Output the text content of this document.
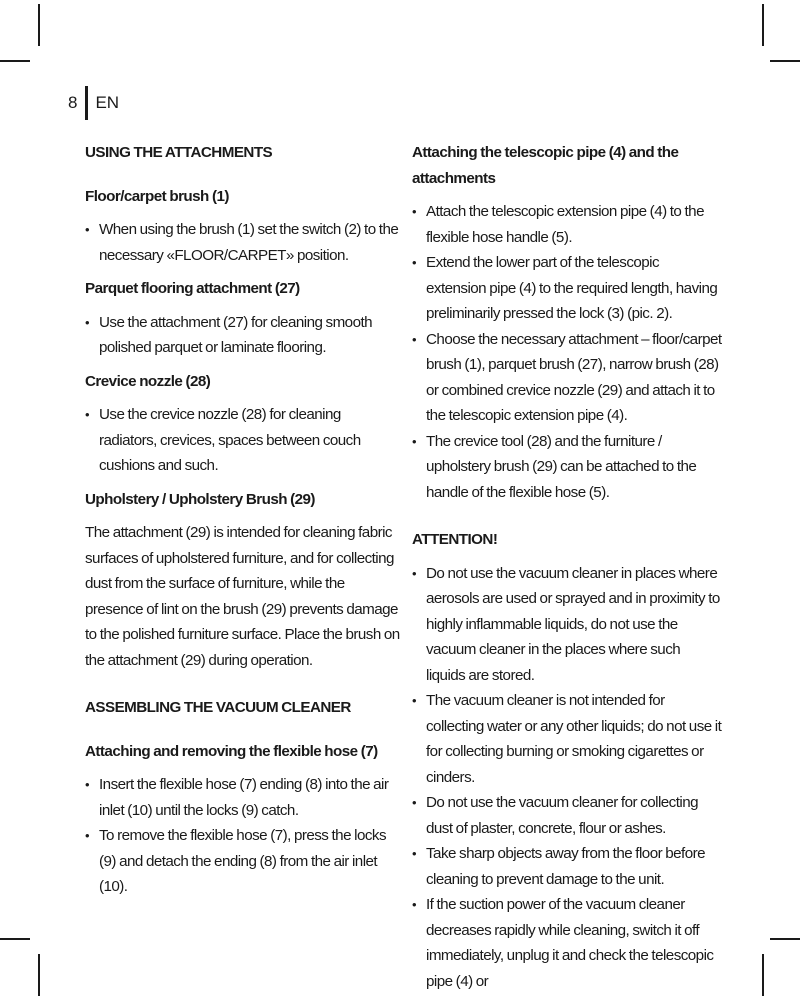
8 EN
USING THE ATTACHMENTS
Floor/carpet brush (1)
• When using the brush (1) set the switch (2) to the necessary «FLOOR/CARPET» position.
Parquet flooring attachment (27)
• Use the attachment (27) for cleaning smooth polished parquet or laminate flooring.
Crevice nozzle (28)
• Use the crevice nozzle (28) for cleaning radiators, crevices, spaces between couch cushions and such.
Upholstery / Upholstery Brush (29)

The attachment (29) is intended for cleaning fabric surfaces of upholstered furniture, and for collecting dust from the surface of furniture, while the presence of lint on the brush (29) prevents damage to the polished furniture surface. Place the brush on the attachment (29) during operation.

ASSEMBLING THE VACUUM CLEANER
Attaching and removing the flexible hose (7)
• Insert the flexible hose (7) ending (8) into the air inlet (10) until the locks (9) catch.
• To remove the flexible hose (7), press the locks (9) and detach the ending (8) from the air inlet (10).
Attaching the telescopic pipe (4) and the attachments
• Attach the telescopic extension pipe (4) to the flexible hose handle (5).
• Extend the lower part of the telescopic extension pipe (4) to the required length, having preliminarily pressed the lock (3) (pic. 2).
• Choose the necessary attachment – floor/carpet brush (1), parquet brush (27), narrow brush (28) or combined crevice nozzle (29) and attach it to the telescopic extension pipe (4).
• The crevice tool (28) and the furniture / upholstery brush (29) can be attached to the handle of the flexible hose (5).
ATTENTION!
• Do not use the vacuum cleaner in places where aerosols are used or sprayed and in proximity to highly inflammable liquids, do not use the vacuum cleaner in the places where such liquids are stored.
• The vacuum cleaner is not intended for collecting water or any other liquids; do not use it for collecting burning or smoking cigarettes or cinders.
• Do not use the vacuum cleaner for collecting dust of plaster, concrete, flour or ashes.
• Take sharp objects away from the floor before cleaning to prevent damage to the unit.
• If the suction power of the vacuum cleaner decreases rapidly while cleaning, switch it off immediately, unplug it and check the telescopic pipe (4) or
